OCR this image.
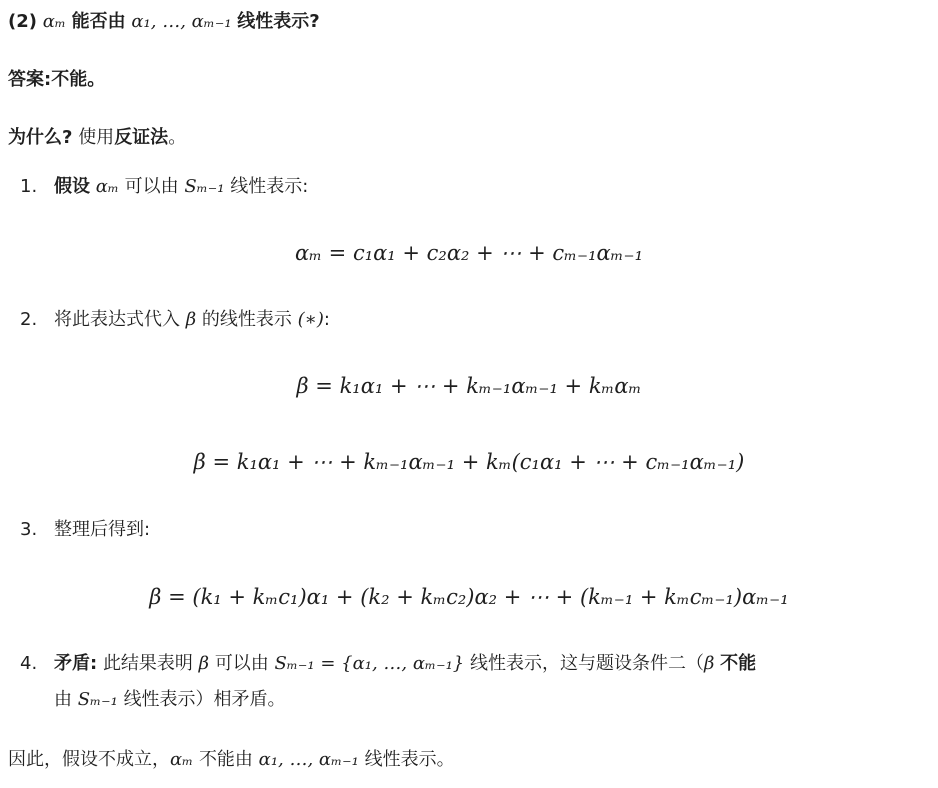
(2) αₘ 能否由 α₁, …, αₘ₋₁ 线性表示?

答案:不能。

为什么? 使用反证法。

1. 假设 αₘ 可以由 Sₘ₋₁ 线性表示:
αₘ = c₁α₁ + c₂α₂ + ⋯ + cₘ₋₁αₘ₋₁
2. 将此表达式代入 β 的线性表示 (∗):
β = k₁α₁ + ⋯ + kₘ₋₁αₘ₋₁ + kₘαₘ
β = k₁α₁ + ⋯ + kₘ₋₁αₘ₋₁ + kₘ(c₁α₁ + ⋯ + cₘ₋₁αₘ₋₁)
3. 整理后得到:
β = (k₁ + kₘc₁)α₁ + (k₂ + kₘc₂)α₂ + ⋯ + (kₘ₋₁ + kₘcₘ₋₁)αₘ₋₁
4. 矛盾: 此结果表明 β 可以由 Sₘ₋₁ = {α₁, …, αₘ₋₁} 线性表示，这与题设条件二（β 不能
由 Sₘ₋₁ 线性表示）相矛盾。

因此，假设不成立，αₘ 不能由 α₁, …, αₘ₋₁ 线性表示。
